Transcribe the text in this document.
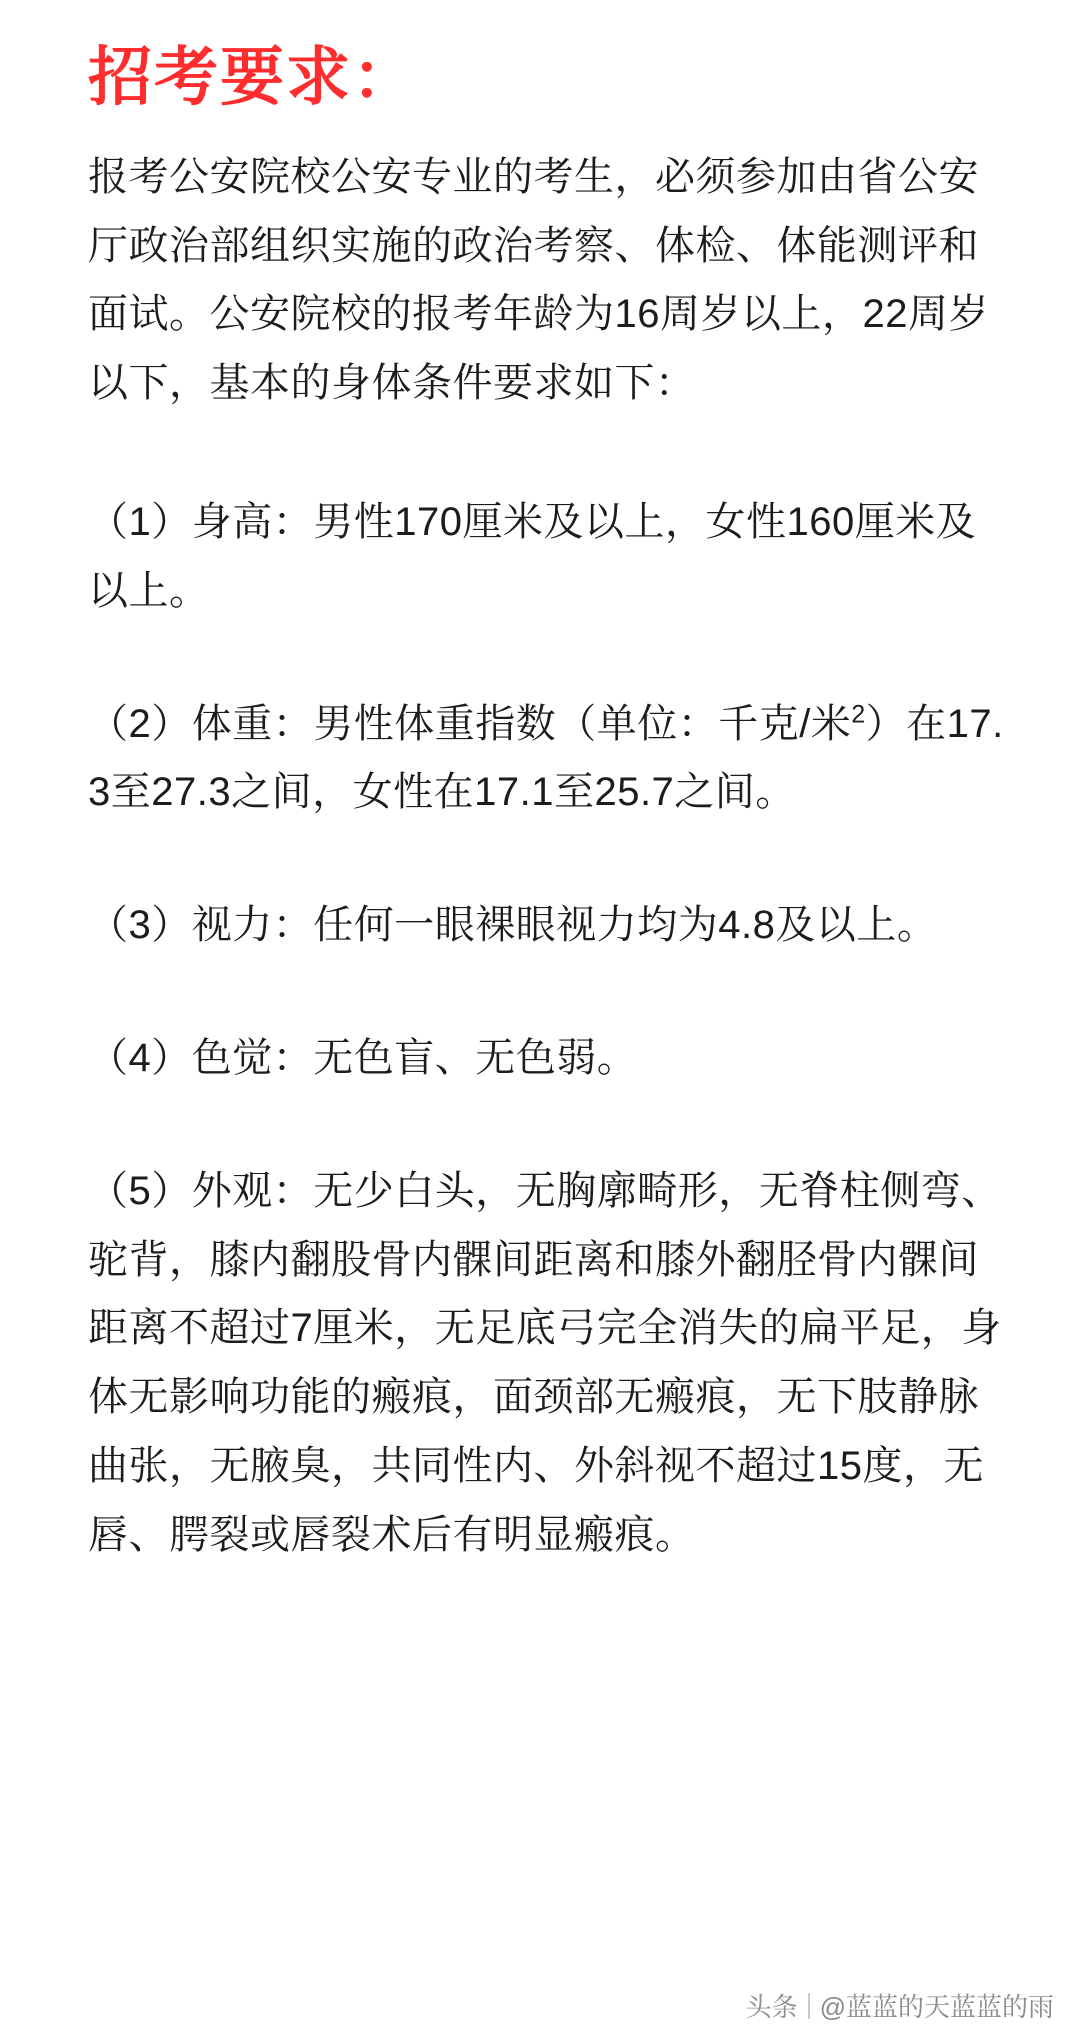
招考要求：

报考公安院校公安专业的考生，必须参加由省公安厅政治部组织实施的政治考察、体检、体能测评和面试。公安院校的报考年龄为16周岁以上，22周岁以下，基本的身体条件要求如下：

（1）身高：男性170厘米及以上，女性160厘米及以上。

（2）体重：男性体重指数（单位：千克/米$^2$）在17.3至27.3之间，女性在17.1至25.7之间。

（3）视力：任何一眼裸眼视力均为4.8及以上。

（4）色觉：无色盲、无色弱。

（5）外观：无少白头，无胸廓畸形，无脊柱侧弯、驼背，膝内翻股骨内髁间距离和膝外翻胫骨内髁间距离不超过7厘米，无足底弓完全消失的扁平足，身体无影响功能的瘢痕，面颈部无瘢痕，无下肢静脉曲张，无腋臭，共同性内、外斜视不超过15度，无唇、腭裂或唇裂术后有明显瘢痕。

头条 @蓝蓝的天蓝蓝的雨
